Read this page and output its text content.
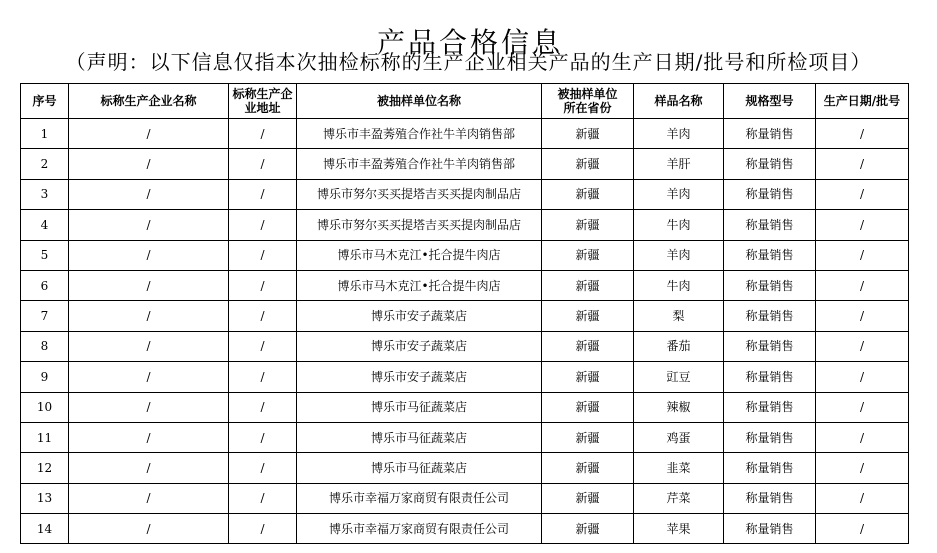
产品合格信息
（声明：以下信息仅指本次抽检标称的生产企业相关产品的生产日期/批号和所检项目）
序号	标称生产企业名称	标称生产企业地址	被抽样单位名称	被抽样单位所在省份	样品名称	规格型号	生产日期/批号
1	/	/	博乐市丰盈莠殖合作社牛羊肉销售部	新疆	羊肉	称量销售	/
2	/	/	博乐市丰盈莠殖合作社牛羊肉销售部	新疆	羊肝	称量销售	/
3	/	/	博乐市努尔买买提塔吉买买提肉制品店	新疆	羊肉	称量销售	/
4	/	/	博乐市努尔买买提塔吉买买提肉制品店	新疆	牛肉	称量销售	/
5	/	/	博乐市马木克江•托合提牛肉店	新疆	羊肉	称量销售	/
6	/	/	博乐市马木克江•托合提牛肉店	新疆	牛肉	称量销售	/
7	/	/	博乐市安子蔬菜店	新疆	梨	称量销售	/
8	/	/	博乐市安子蔬菜店	新疆	番茄	称量销售	/
9	/	/	博乐市安子蔬菜店	新疆	豇豆	称量销售	/
10	/	/	博乐市马征蔬菜店	新疆	辣椒	称量销售	/
11	/	/	博乐市马征蔬菜店	新疆	鸡蛋	称量销售	/
12	/	/	博乐市马征蔬菜店	新疆	韭菜	称量销售	/
13	/	/	博乐市幸福万家商贸有限责任公司	新疆	芹菜	称量销售	/
14	/	/	博乐市幸福万家商贸有限责任公司	新疆	苹果	称量销售	/
